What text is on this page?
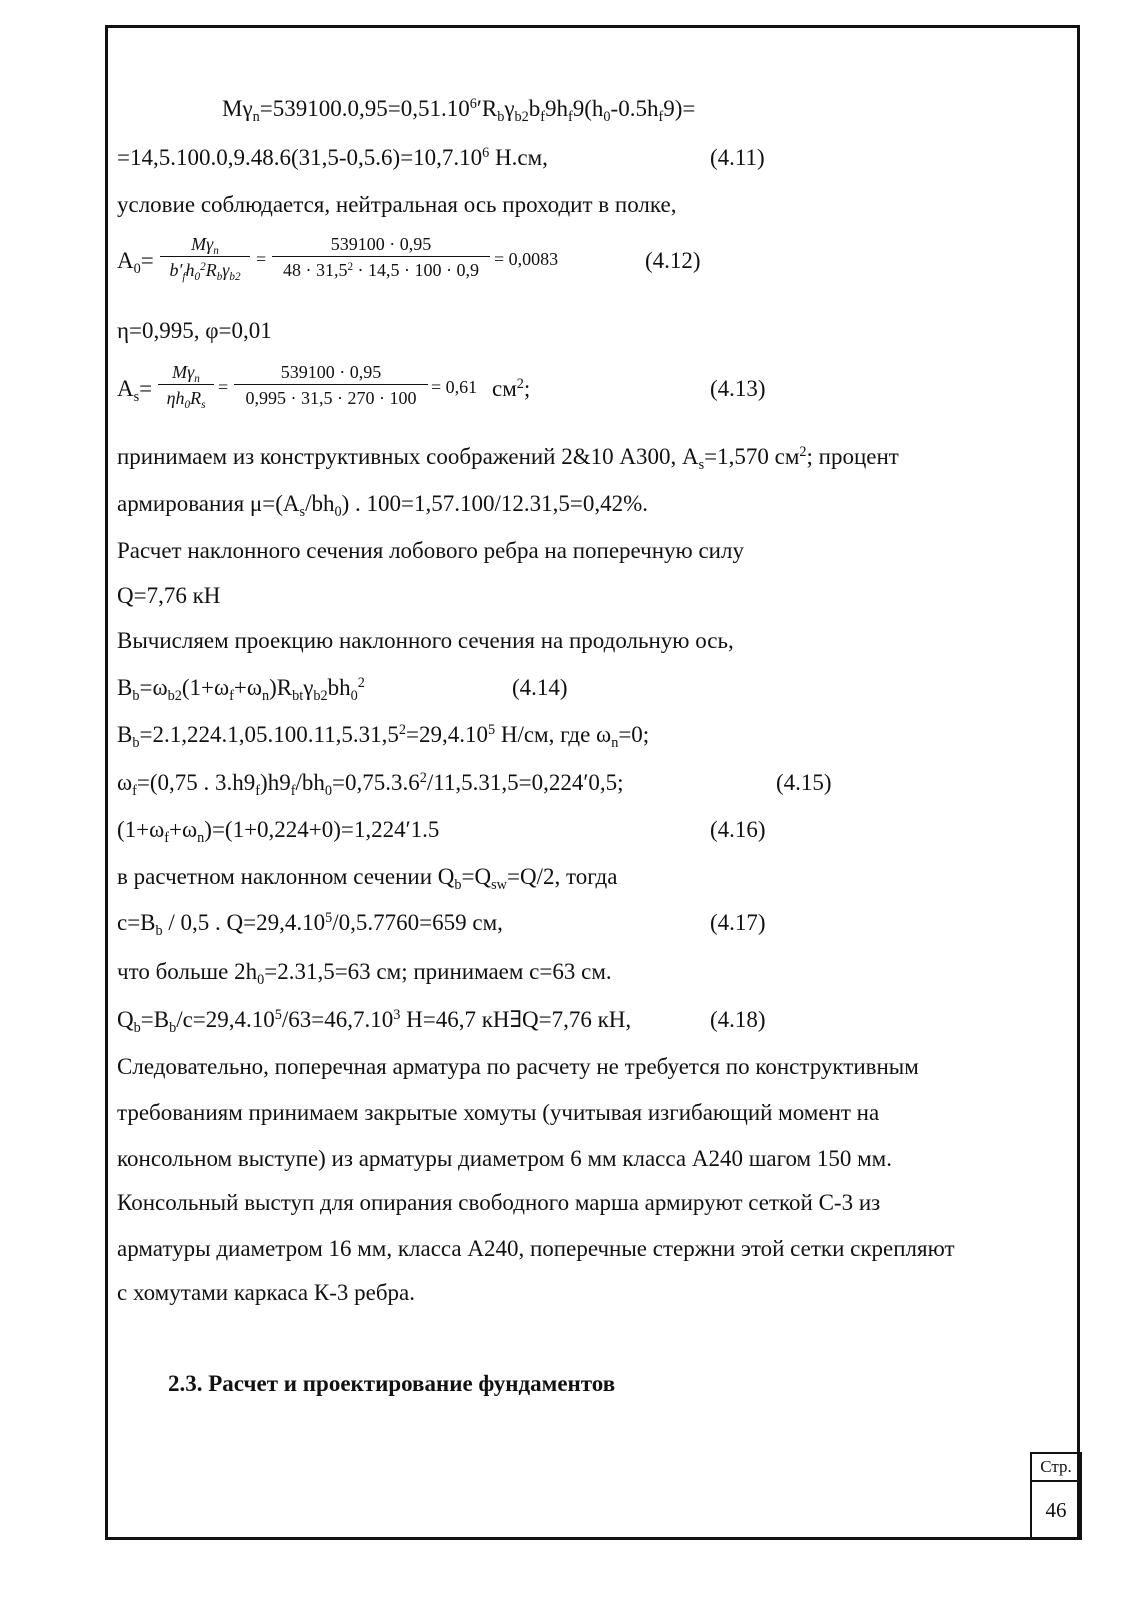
$M\gamma_n=539100.0,95=0,51.10^6'R_b\gamma_{b2}b_f9h_f9(h_0-0.5h_f9)=$
$=14,5.100.0,9.48.6(31,5-0,5.6)=10,7.10^6$ Н.см,	(4.11)
условие соблюдается, нейтральная ось проходит в полке,
$A_0=$
$M\gamma_n$
$b'_fh_0^2R_b\gamma_{b2}$
= $\frac{539100 \cdot 0,95}{48 \cdot 31,5^2 \cdot 14,5 \cdot 100 \cdot 0,9} = 0,0083$	(4.12)
η=0,995, φ=0,01
$A_s=$
$M\gamma_n$
$\eta h_0R_s$
= $\frac{539100 \cdot 0,95}{0,995 \cdot 31,5 \cdot 270 \cdot 100} = 0,61$ $см^2$;	(4.13)
принимаем из конструктивных соображений 2&10 А300, $A_s=1,570$ $см^2$; процент
армирования $\mu=(A_s/bh_0)$ . 100=1,57.100/12.31,5=0,42%.
Расчет наклонного сечения лобового ребра на поперечную силу
Q=7,76 кН
Вычисляем проекцию наклонного сечения на продольную ось,
$B_b=\omega_{b2}(1+\omega_f+\omega_n)R_{bt}\gamma_{b2}bh_0^2$	(4.14)
$B_b=2.1,224.1,05.100.11,5.31,5^2=29,4.10^5$ Н/см, где $\omega_n=0$;
$\omega_f=(0,75$ . $3.h9_f)h9_f/bh_0=0,75.3.6^2/11,5.31,5=0,224'0,5$;	(4.15)
$(1+\omega_f+\omega_n)=(1+0,224+0)=1,224'1.5$	(4.16)
в расчетном наклонном сечении $Q_b=Q_{sw}=Q/2$, тогда
$c=B_b / 0,5$ . $Q=29,4.10^5/0,5.7760=659$ см,	(4.17)
что больше $2h_0=2.31,5=63$ см; принимаем c=63 см.
$Q_b=B_b/c=29,4.10^5/63=46,7.10^3$ Н=46,7 кН∃Q=7,76 кН,	(4.18)
Следовательно, поперечная арматура по расчету не требуется по конструктивным
требованиям принимаем закрытые хомуты (учитывая изгибающий момент на
консольном выступе) из арматуры диаметром 6 мм класса А240 шагом 150 мм.
Консольный выступ для опирания свободного марша армируют сеткой С-3 из
арматуры диаметром 16 мм, класса А240, поперечные стержни этой сетки скрепляют
с хомутами каркаса К-3 ребра.
2.3. Расчет и проектирование фундаментов
Стр.
46
